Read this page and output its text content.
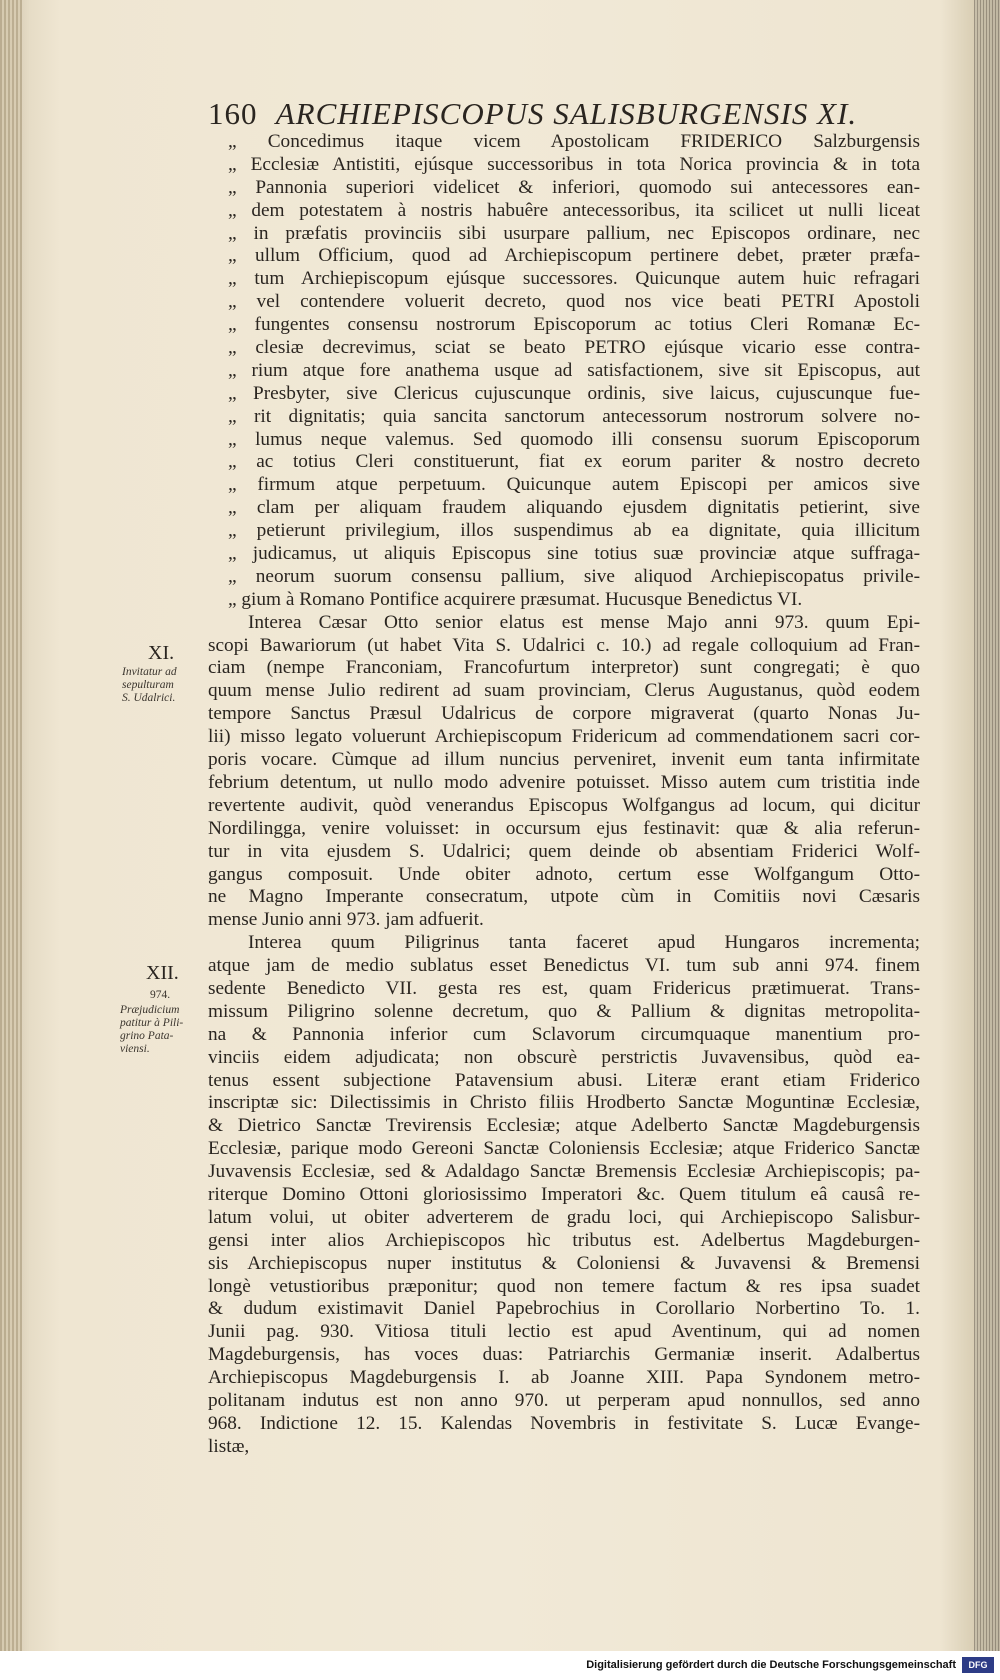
160 ARCHIEPISCOPUS SALISBURGENSIS XI.
XI.
Invitatur ad
sepulturam
S. Udalrici.
XII.
974.
Præjudicium
patitur à Pili-
grino Pata-
viensi.
„ Concedimus itaque vicem Apostolicam FRIDERICO Salzburgensis
„ Ecclesiæ Antistiti, ejúsque successoribus in tota Norica provincia & in tota
„ Pannonia superiori videlicet & inferiori, quomodo sui antecessores ean-
„ dem potestatem à nostris habuêre antecessoribus, ita scilicet ut nulli liceat
„ in præfatis provinciis sibi usurpare pallium, nec Episcopos ordinare, nec
„ ullum Officium, quod ad Archiepiscopum pertinere debet, præter præfa-
„ tum Archiepiscopum ejúsque successores. Quicunque autem huic refragari
„ vel contendere voluerit decreto, quod nos vice beati PETRI Apostoli
„ fungentes consensu nostrorum Episcoporum ac totius Cleri Romanæ Ec-
„ clesiæ decrevimus, sciat se beato PETRO ejúsque vicario esse contra-
„ rium atque fore anathema usque ad satisfactionem, sive sit Episcopus, aut
„ Presbyter, sive Clericus cujuscunque ordinis, sive laicus, cujuscunque fue-
„ rit dignitatis; quia sancita sanctorum antecessorum nostrorum solvere no-
„ lumus neque valemus. Sed quomodo illi consensu suorum Episcoporum
„ ac totius Cleri constituerunt, fiat ex eorum pariter & nostro decreto
„ firmum atque perpetuum. Quicunque autem Episcopi per amicos sive
„ clam per aliquam fraudem aliquando ejusdem dignitatis petierint, sive
„ petierunt privilegium, illos suspendimus ab ea dignitate, quia illicitum
„ judicamus, ut aliquis Episcopus sine totius suæ provinciæ atque suffraga-
„ neorum suorum consensu pallium, sive aliquod Archiepiscopatus privile-
„ gium à Romano Pontifice acquirere præsumat. Hucusque Benedictus VI.
Interea Cæsar Otto senior elatus est mense Majo anni 973. quum Epi-
scopi Bawariorum (ut habet Vita S. Udalrici c. 10.) ad regale colloquium ad Fran-
ciam (nempe Franconiam, Francofurtum interpretor) sunt congregati; è quo
quum mense Julio redirent ad suam provinciam, Clerus Augustanus, quòd eodem
tempore Sanctus Præsul Udalricus de corpore migraverat (quarto Nonas Ju-
lii) misso legato voluerunt Archiepiscopum Fridericum ad commendationem sacri cor-
poris vocare. Cùmque ad illum nuncius perveniret, invenit eum tanta infirmitate
febrium detentum, ut nullo modo advenire potuisset. Misso autem cum tristitia inde
revertente audivit, quòd venerandus Episcopus Wolfgangus ad locum, qui dicitur
Nordilingga, venire voluisset: in occursum ejus festinavit: quæ & alia referun-
tur in vita ejusdem S. Udalrici; quem deinde ob absentiam Friderici Wolf-
gangus composuit. Unde obiter adnoto, certum esse Wolfgangum Otto-
ne Magno Imperante consecratum, utpote cùm in Comitiis novi Cæsaris
mense Junio anni 973. jam adfuerit.
Interea quum Piligrinus tanta faceret apud Hungaros incrementa;
atque jam de medio sublatus esset Benedictus VI. tum sub anni 974. finem
sedente Benedicto VII. gesta res est, quam Fridericus prætimuerat. Trans-
missum Piligrino solenne decretum, quo & Pallium & dignitas metropolita-
na & Pannonia inferior cum Sclavorum circumquaque manentium pro-
vinciis eidem adjudicata; non obscurè perstrictis Juvavensibus, quòd ea-
tenus essent subjectione Patavensium abusi. Literæ erant etiam Friderico
inscriptæ sic: Dilectissimis in Christo filiis Hrodberto Sanctæ Moguntinæ Ecclesiæ,
& Dietrico Sanctæ Trevirensis Ecclesiæ; atque Adelberto Sanctæ Magdeburgensis
Ecclesiæ, parique modo Gereoni Sanctæ Coloniensis Ecclesiæ; atque Friderico Sanctæ
Juvavensis Ecclesiæ, sed & Adaldago Sanctæ Bremensis Ecclesiæ Archiepiscopis; pa-
riterque Domino Ottoni gloriosissimo Imperatori &c. Quem titulum eâ causâ re-
latum volui, ut obiter adverterem de gradu loci, qui Archiepiscopo Salisbur-
gensi inter alios Archiepiscopos hìc tributus est. Adelbertus Magdeburgen-
sis Archiepiscopus nuper institutus & Coloniensi & Juvavensi & Bremensi
longè vetustioribus præponitur; quod non temere factum & res ipsa suadet
& dudum existimavit Daniel Papebrochius in Corollario Norbertino To. 1.
Junii pag. 930. Vitiosa tituli lectio est apud Aventinum, qui ad nomen
Magdeburgensis, has voces duas: Patriarchis Germaniæ inserit. Adalbertus
Archiepiscopus Magdeburgensis I. ab Joanne XIII. Papa Syndonem metro-
politanam indutus est non anno 970. ut perperam apud nonnullos, sed anno
968. Indictione 12. 15. Kalendas Novembris in festivitate S. Lucæ Evange-
listæ,
Digitalisierung gefördert durch die Deutsche Forschungsgemeinschaft	DFG
